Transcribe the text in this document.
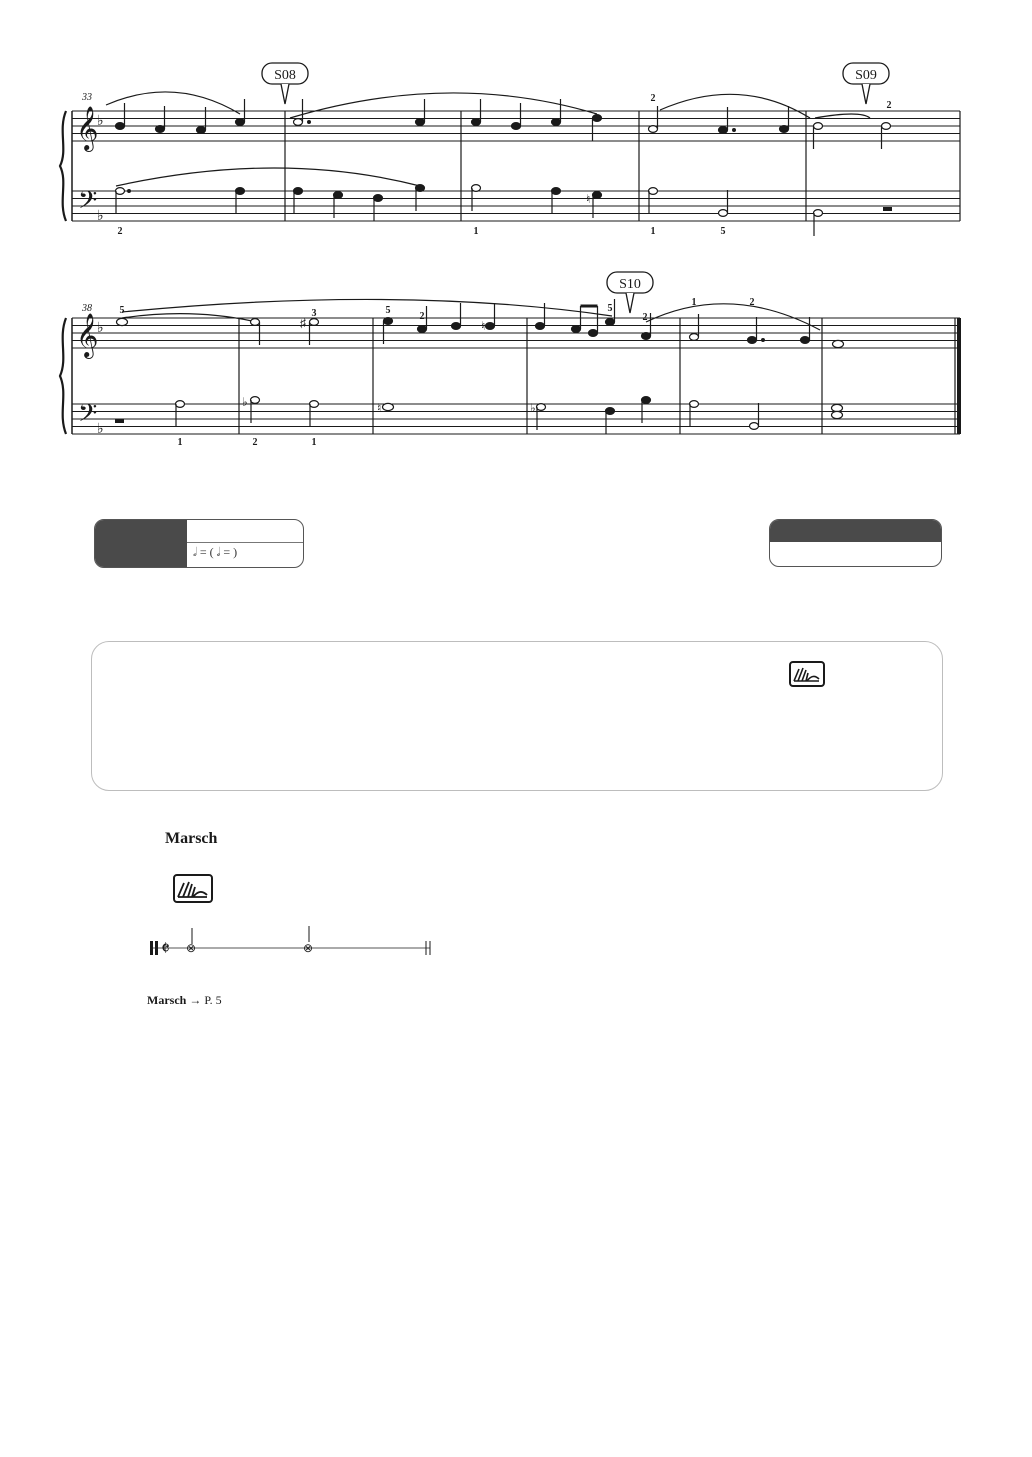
𝄞
♭
𝄢 ♭
33
♮
S08	S09
2
2
2	1	1	5
𝄞
♭
𝄢 ♭
38
♯	♮
♭	♮	♭
S10
5	3	5
2
5
2
1	2
1	2	1
𝅗𝅥 = ( 𝅗𝅥 = )
Marsch
𝄵 ⊗	⊗
Marsch → P. 5
